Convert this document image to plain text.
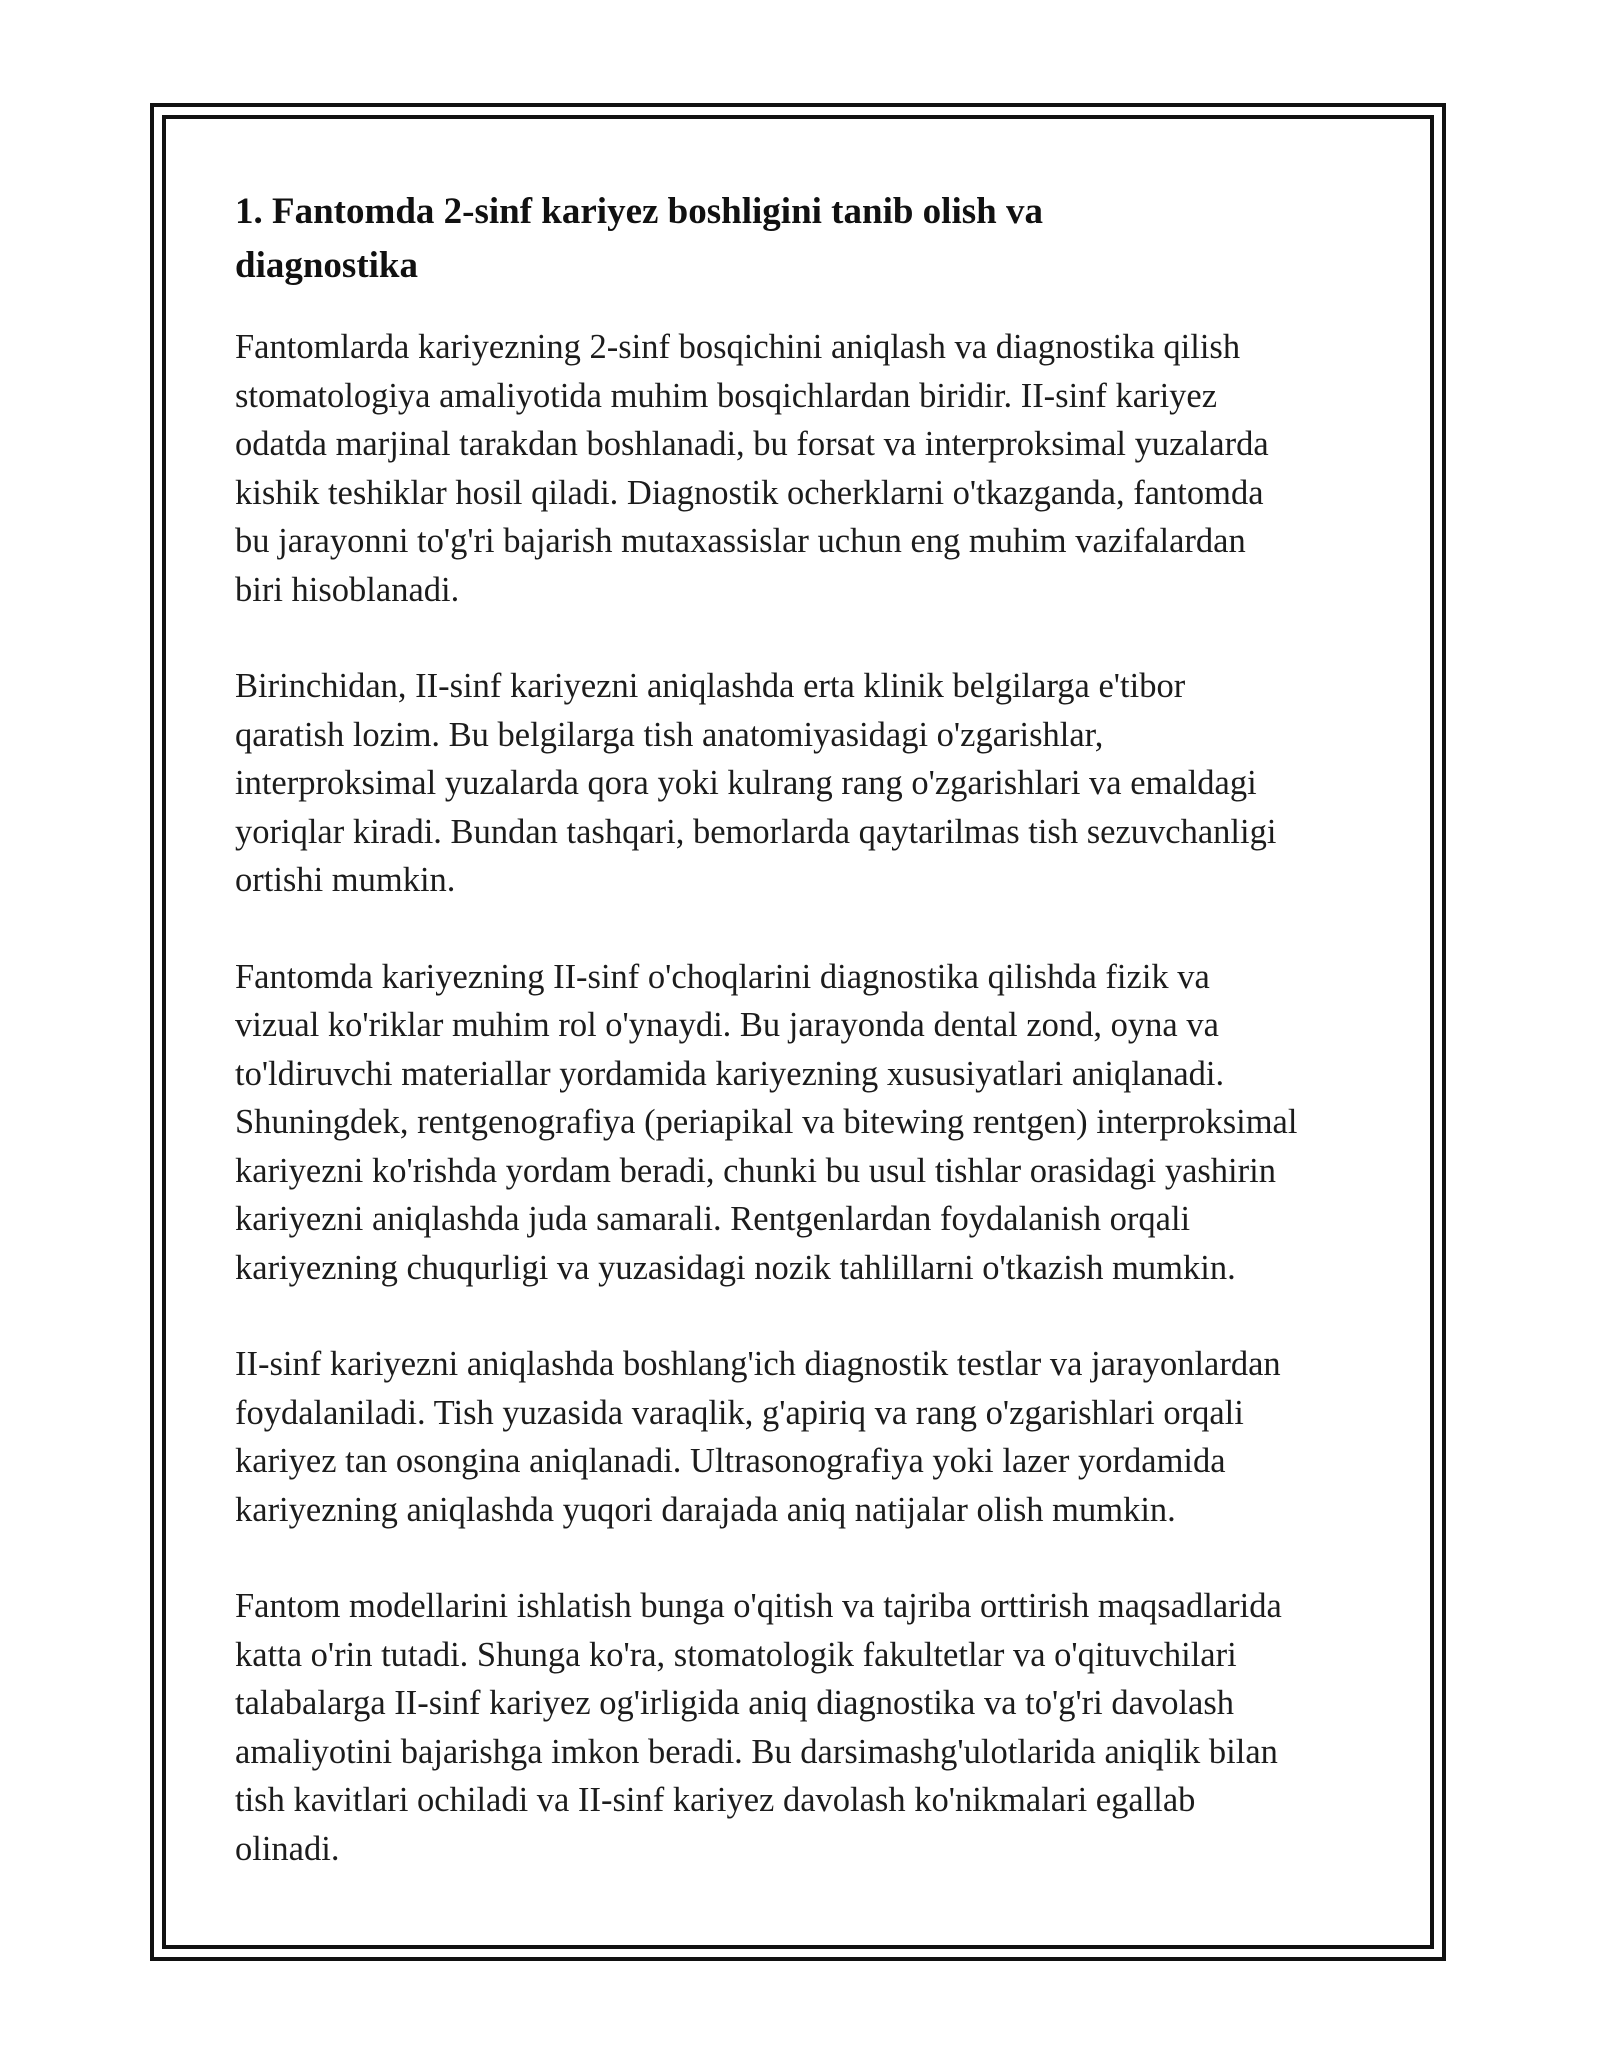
1. Fantomda 2-sinf kariyez boshligini tanib olish va
diagnostika

Fantomlarda kariyezning 2-sinf bosqichini aniqlash va diagnostika qilish
stomatologiya amaliyotida muhim bosqichlardan biridir. II-sinf kariyez
odatda marjinal tarakdan boshlanadi, bu forsat va interproksimal yuzalarda
kishik teshiklar hosil qiladi. Diagnostik ocherklarni o'tkazganda, fantomda
bu jarayonni to'g'ri bajarish mutaxassislar uchun eng muhim vazifalardan
biri hisoblanadi.

Birinchidan, II-sinf kariyezni aniqlashda erta klinik belgilarga e'tibor
qaratish lozim. Bu belgilarga tish anatomiyasidagi o'zgarishlar,
interproksimal yuzalarda qora yoki kulrang rang o'zgarishlari va emaldagi
yoriqlar kiradi. Bundan tashqari, bemorlarda qaytarilmas tish sezuvchanligi
ortishi mumkin.

Fantomda kariyezning II-sinf o'choqlarini diagnostika qilishda fizik va
vizual ko'riklar muhim rol o'ynaydi. Bu jarayonda dental zond, oyna va
to'ldiruvchi materiallar yordamida kariyezning xususiyatlari aniqlanadi.
Shuningdek, rentgenografiya (periapikal va bitewing rentgen) interproksimal
kariyezni ko'rishda yordam beradi, chunki bu usul tishlar orasidagi yashirin
kariyezni aniqlashda juda samarali. Rentgenlardan foydalanish orqali
kariyezning chuqurligi va yuzasidagi nozik tahlillarni o'tkazish mumkin.

II-sinf kariyezni aniqlashda boshlang'ich diagnostik testlar va jarayonlardan
foydalaniladi. Tish yuzasida varaqlik, g'apiriq va rang o'zgarishlari orqali
kariyez tan osongina aniqlanadi. Ultrasonografiya yoki lazer yordamida
kariyezning aniqlashda yuqori darajada aniq natijalar olish mumkin.

Fantom modellarini ishlatish bunga o'qitish va tajriba orttirish maqsadlarida
katta o'rin tutadi. Shunga ko'ra, stomatologik fakultetlar va o'qituvchilari
talabalarga II-sinf kariyez og'irligida aniq diagnostika va to'g'ri davolash
amaliyotini bajarishga imkon beradi. Bu darsimashg'ulotlarida aniqlik bilan
tish kavitlari ochiladi va II-sinf kariyez davolash ko'nikmalari egallab
olinadi.
